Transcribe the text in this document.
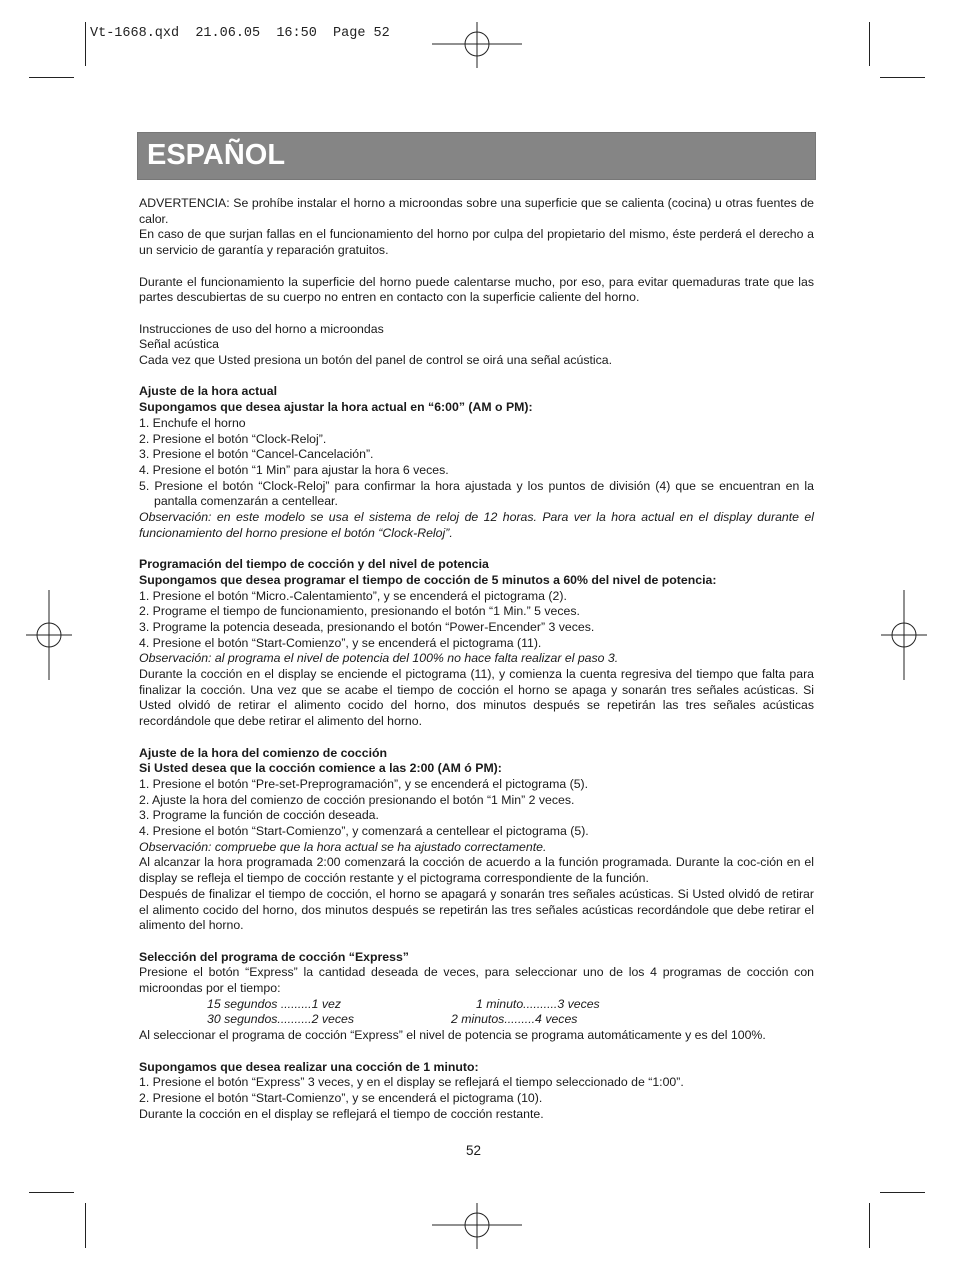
Vt-1668.qxd  21.06.05  16:50  Page 52
ESPAÑOL

ADVERTENCIA: Se prohíbe instalar el horno a microondas sobre una superficie que se calienta (cocina) u otras fuentes de calor.

En caso de que surjan fallas en el funcionamiento del horno por culpa del propietario del mismo, éste perderá el derecho a un servicio de garantía y reparación gratuitos.

Durante el funcionamiento la superficie del horno puede calentarse mucho, por eso, para evitar quemaduras trate que las partes descubiertas de su cuerpo no entren en contacto con la superficie caliente del horno.

Instrucciones de uso del horno a microondas

Señal acústica

Cada vez que Usted presiona un botón del panel de control se oirá una señal acústica.

Ajuste de la hora actual

Supongamos que desea ajustar la hora actual en “6:00” (AM o PM):

1. Enchufe el horno

2. Presione el botón “Clock-Reloj”.

3. Presione el botón “Cancel-Cancelación”.

4. Presione el botón “1 Min” para ajustar la hora 6 veces.

5. Presione el botón “Clock-Reloj” para confirmar la hora ajustada y los puntos de división (4) que se encuentran en la pantalla comenzarán a centellear.

Observación: en este modelo se usa el sistema de reloj de 12 horas. Para ver la hora actual en el display durante el funcionamiento del horno presione el botón “Clock-Reloj”.

Programación del tiempo de cocción y del nivel de potencia

Supongamos que desea programar el tiempo de cocción de 5 minutos a 60% del nivel de potencia:

1. Presione el botón “Micro.-Calentamiento”, y se encenderá el pictograma (2).

2. Programe el tiempo de funcionamiento, presionando el botón “1 Min.” 5 veces.

3. Programe la potencia deseada, presionando el botón “Power-Encender” 3 veces.

4. Presione el botón “Start-Comienzo”, y se encenderá el pictograma (11).

Observación: al programa el nivel de potencia del 100% no hace falta realizar el paso 3.

Durante la cocción en el display se enciende el pictograma (11), y comienza la cuenta regresiva del tiempo que falta para finalizar la cocción. Una vez que se acabe el tiempo de cocción el horno se apaga y sonarán tres señales acústicas. Si Usted olvidó de retirar el alimento cocido del horno, dos minutos después se repetirán las tres señales acústicas recordándole que debe retirar el alimento del horno.

Ajuste de la hora del comienzo de cocción

Si Usted desea que la cocción comience a las 2:00 (AM ó PM):

1. Presione el botón “Pre-set-Preprogramación”, y se encenderá el pictograma (5).

2. Ajuste la hora del comienzo de cocción presionando el botón “1 Min” 2 veces.

3. Programe la función de cocción deseada.

4. Presione el botón “Start-Comienzo”, y comenzará a centellear el pictograma (5).

Observación: compruebe que la hora actual se ha ajustado correctamente.

Al alcanzar la hora programada 2:00 comenzará la cocción de acuerdo a la función programada. Durante la coc-ción en el display se refleja el tiempo de cocción restante y el pictograma correspondiente de la función.

Después de finalizar el tiempo de cocción, el horno se apagará y sonarán tres señales acústicas. Si Usted olvidó de retirar el alimento cocido del horno, dos minutos después se repetirán las tres señales acústicas recordándole que debe retirar el alimento del horno.

Selección del programa de cocción “Express”

Presione el botón “Express” la cantidad deseada de veces, para seleccionar uno de los 4 programas de cocción con microondas por el tiempo:

15 segundos .........1 vez	1 minuto..........3 veces
30 segundos..........2 veces	2 minutos.........4 veces

Al seleccionar el programa de cocción “Express” el nivel de potencia se programa automáticamente y es del 100%.

Supongamos que desea realizar una cocción de 1 minuto:

1. Presione el botón “Express” 3 veces, y en el display se reflejará el tiempo seleccionado de “1:00”.

2. Presione el botón “Start-Comienzo”, y se encenderá el pictograma (10).

Durante la cocción en el display se reflejará el tiempo de cocción restante.

52
